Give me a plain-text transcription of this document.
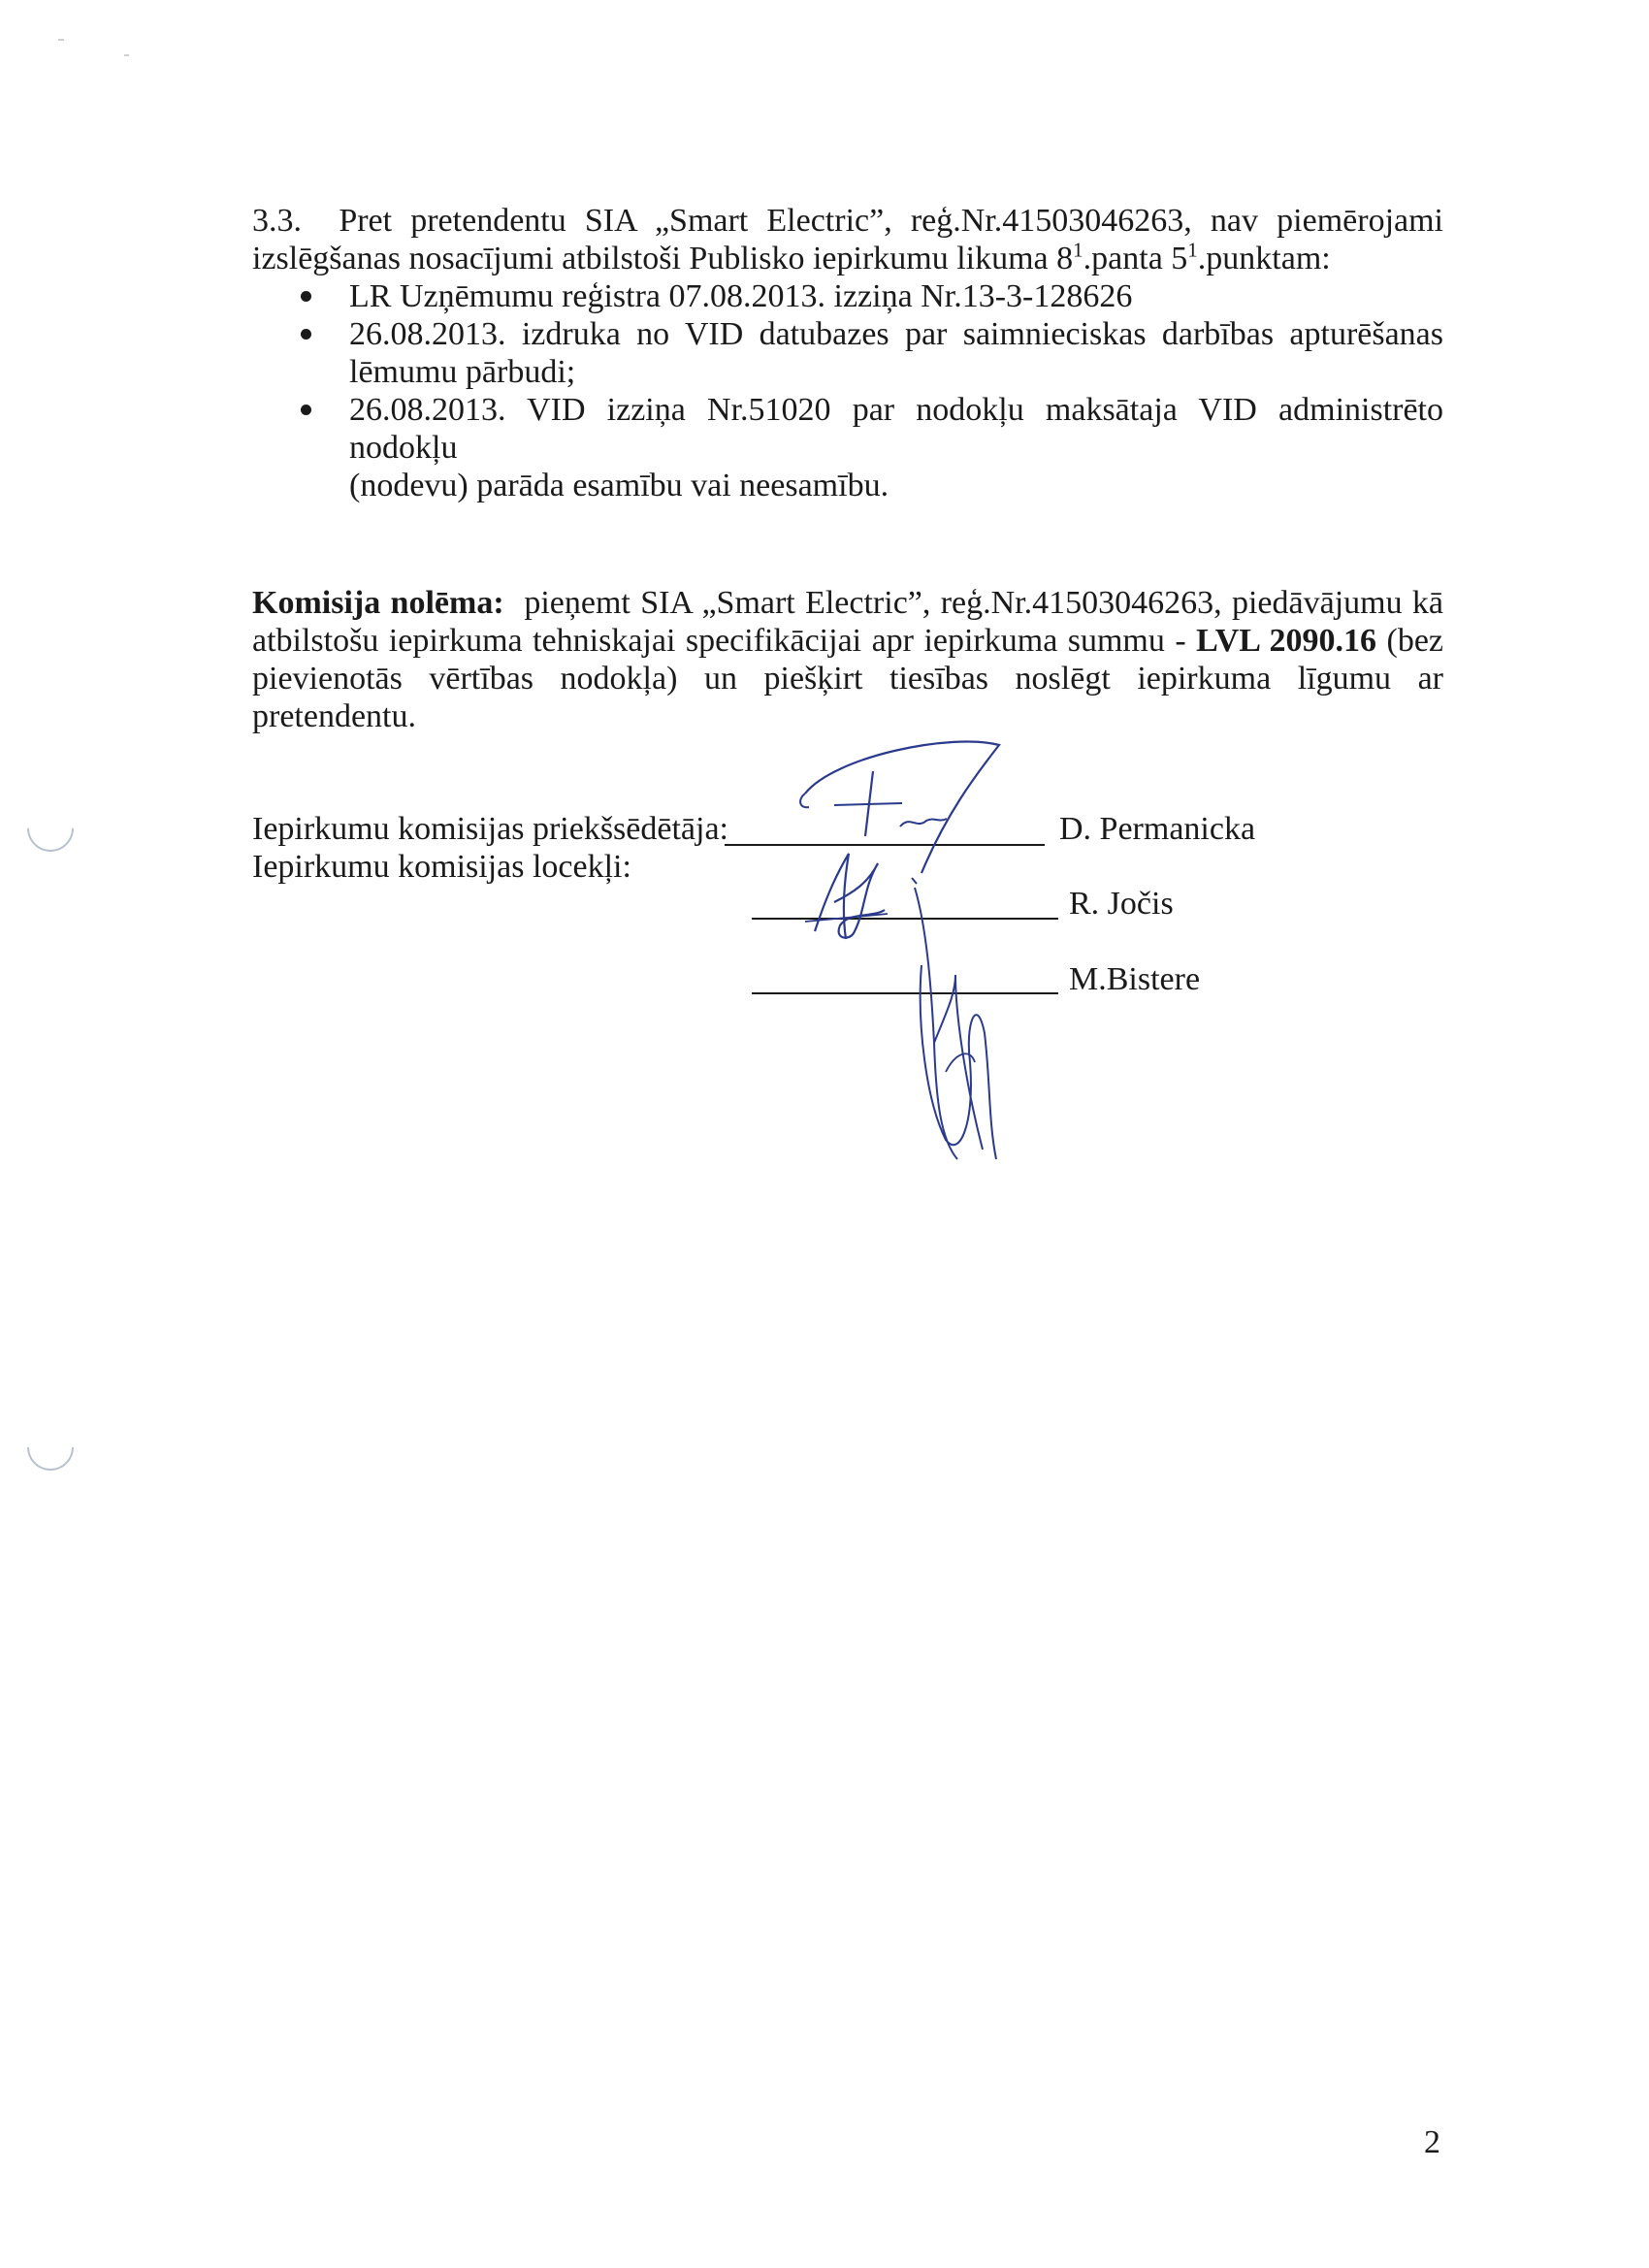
3.3. Pret pretendentu SIA „Smart Electric”, reģ.Nr.41503046263, nav piemērojami
izslēgšanas nosacījumi atbilstoši Publisko iepirkumu likuma $8^1.panta$ $5^1.punktam$:
LR Uzņēmumu reģistra 07.08.2013. izziņa Nr.13-3-128626
26.08.2013. izdruka no VID datubazes par saimnieciskas darbības apturēšanas
lēmumu pārbudi;
26.08.2013. VID izziņa Nr.51020 par nodokļu maksātaja VID administrēto nodokļu
(nodevu) parāda esamību vai neesamību.
Komisija nolēma: pieņemt SIA „Smart Electric”, reģ.Nr.41503046263, piedāvājumu kā
atbilstošu iepirkuma tehniskajai specifikācijai apr iepirkuma summu - LVL 2090.16 (bez
pievienotās vērtības nodokļa) un piešķirt tiesības noslēgt iepirkuma līgumu ar
pretendentu.
Iepirkumu komisijas priekšsēdētāja:	D. Permanicka
Iepirkumu komisijas locekļi:
R. Jočis
M.Bistere
2
